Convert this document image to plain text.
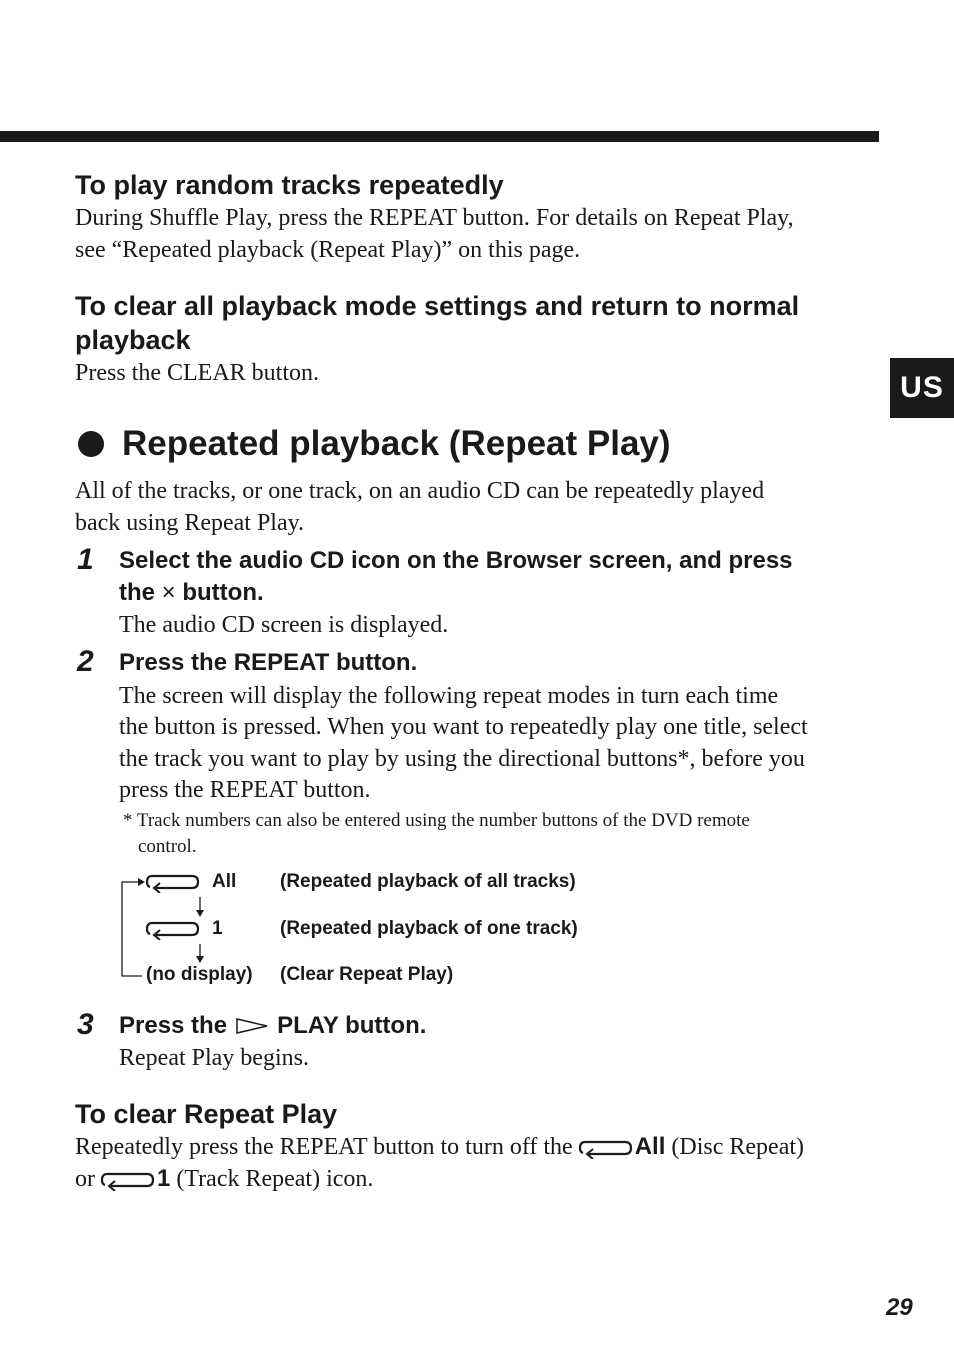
US

To play random tracks repeatedly

During Shuffle Play, press the REPEAT button. For details on Repeat Play,

see “Repeated playback (Repeat Play)” on this page.

To clear all playback mode settings and return to normal

playback

Press the CLEAR button.

Repeated playback (Repeat Play)

All of the tracks, or one track, on an audio CD can be repeatedly played

back using Repeat Play.

1 Select the audio CD icon on the Browser screen, and press

the × button.

The audio CD screen is displayed.

2 Press the REPEAT button.

The screen will display the following repeat modes in turn each time

the button is pressed. When you want to repeatedly play one title, select

the track you want to play by using the directional buttons*, before you

press the REPEAT button.

* Track numbers can also be entered using the number buttons of the DVD remote

control.

All (Repeated playback of all tracks)
1	(Repeated playback of one track)
(no display) (Clear Repeat Play)
3 Press the PLAY button.

Repeat Play begins.

To clear Repeat Play

Repeatedly press the REPEAT button to turn off the	All (Disc Repeat)

or	1 (Track Repeat) icon.

29
